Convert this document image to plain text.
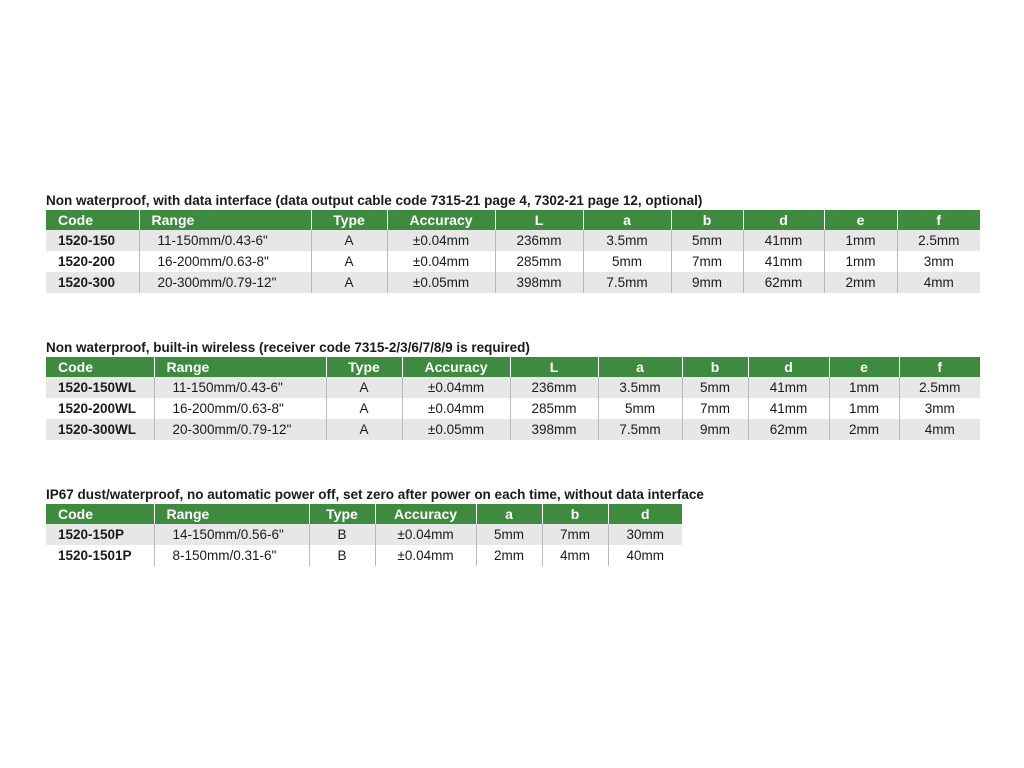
Non waterproof, with data interface (data output cable code 7315-21 page 4, 7302-21 page 12, optional)
Code	Range	Type	Accuracy	L	a	b	d	e	f
1520-150	11-150mm/0.43-6"	A	±0.04mm	236mm	3.5mm	5mm	41mm	1mm	2.5mm
1520-200	16-200mm/0.63-8"	A	±0.04mm	285mm	5mm	7mm	41mm	1mm	3mm
1520-300	20-300mm/0.79-12"	A	±0.05mm	398mm	7.5mm	9mm	62mm	2mm	4mm
Non waterproof, built-in wireless (receiver code 7315-2/3/6/7/8/9 is required)
Code	Range	Type	Accuracy	L	a	b	d	e	f
1520-150WL	11-150mm/0.43-6"	A	±0.04mm	236mm	3.5mm	5mm	41mm	1mm	2.5mm
1520-200WL	16-200mm/0.63-8"	A	±0.04mm	285mm	5mm	7mm	41mm	1mm	3mm
1520-300WL	20-300mm/0.79-12"	A	±0.05mm	398mm	7.5mm	9mm	62mm	2mm	4mm
IP67 dust/waterproof, no automatic power off, set zero after power on each time, without data interface
Code	Range	Type	Accuracy	a	b	d
1520-150P	14-150mm/0.56-6"	B	±0.04mm	5mm	7mm	30mm
1520-1501P	8-150mm/0.31-6"	B	±0.04mm	2mm	4mm	40mm
